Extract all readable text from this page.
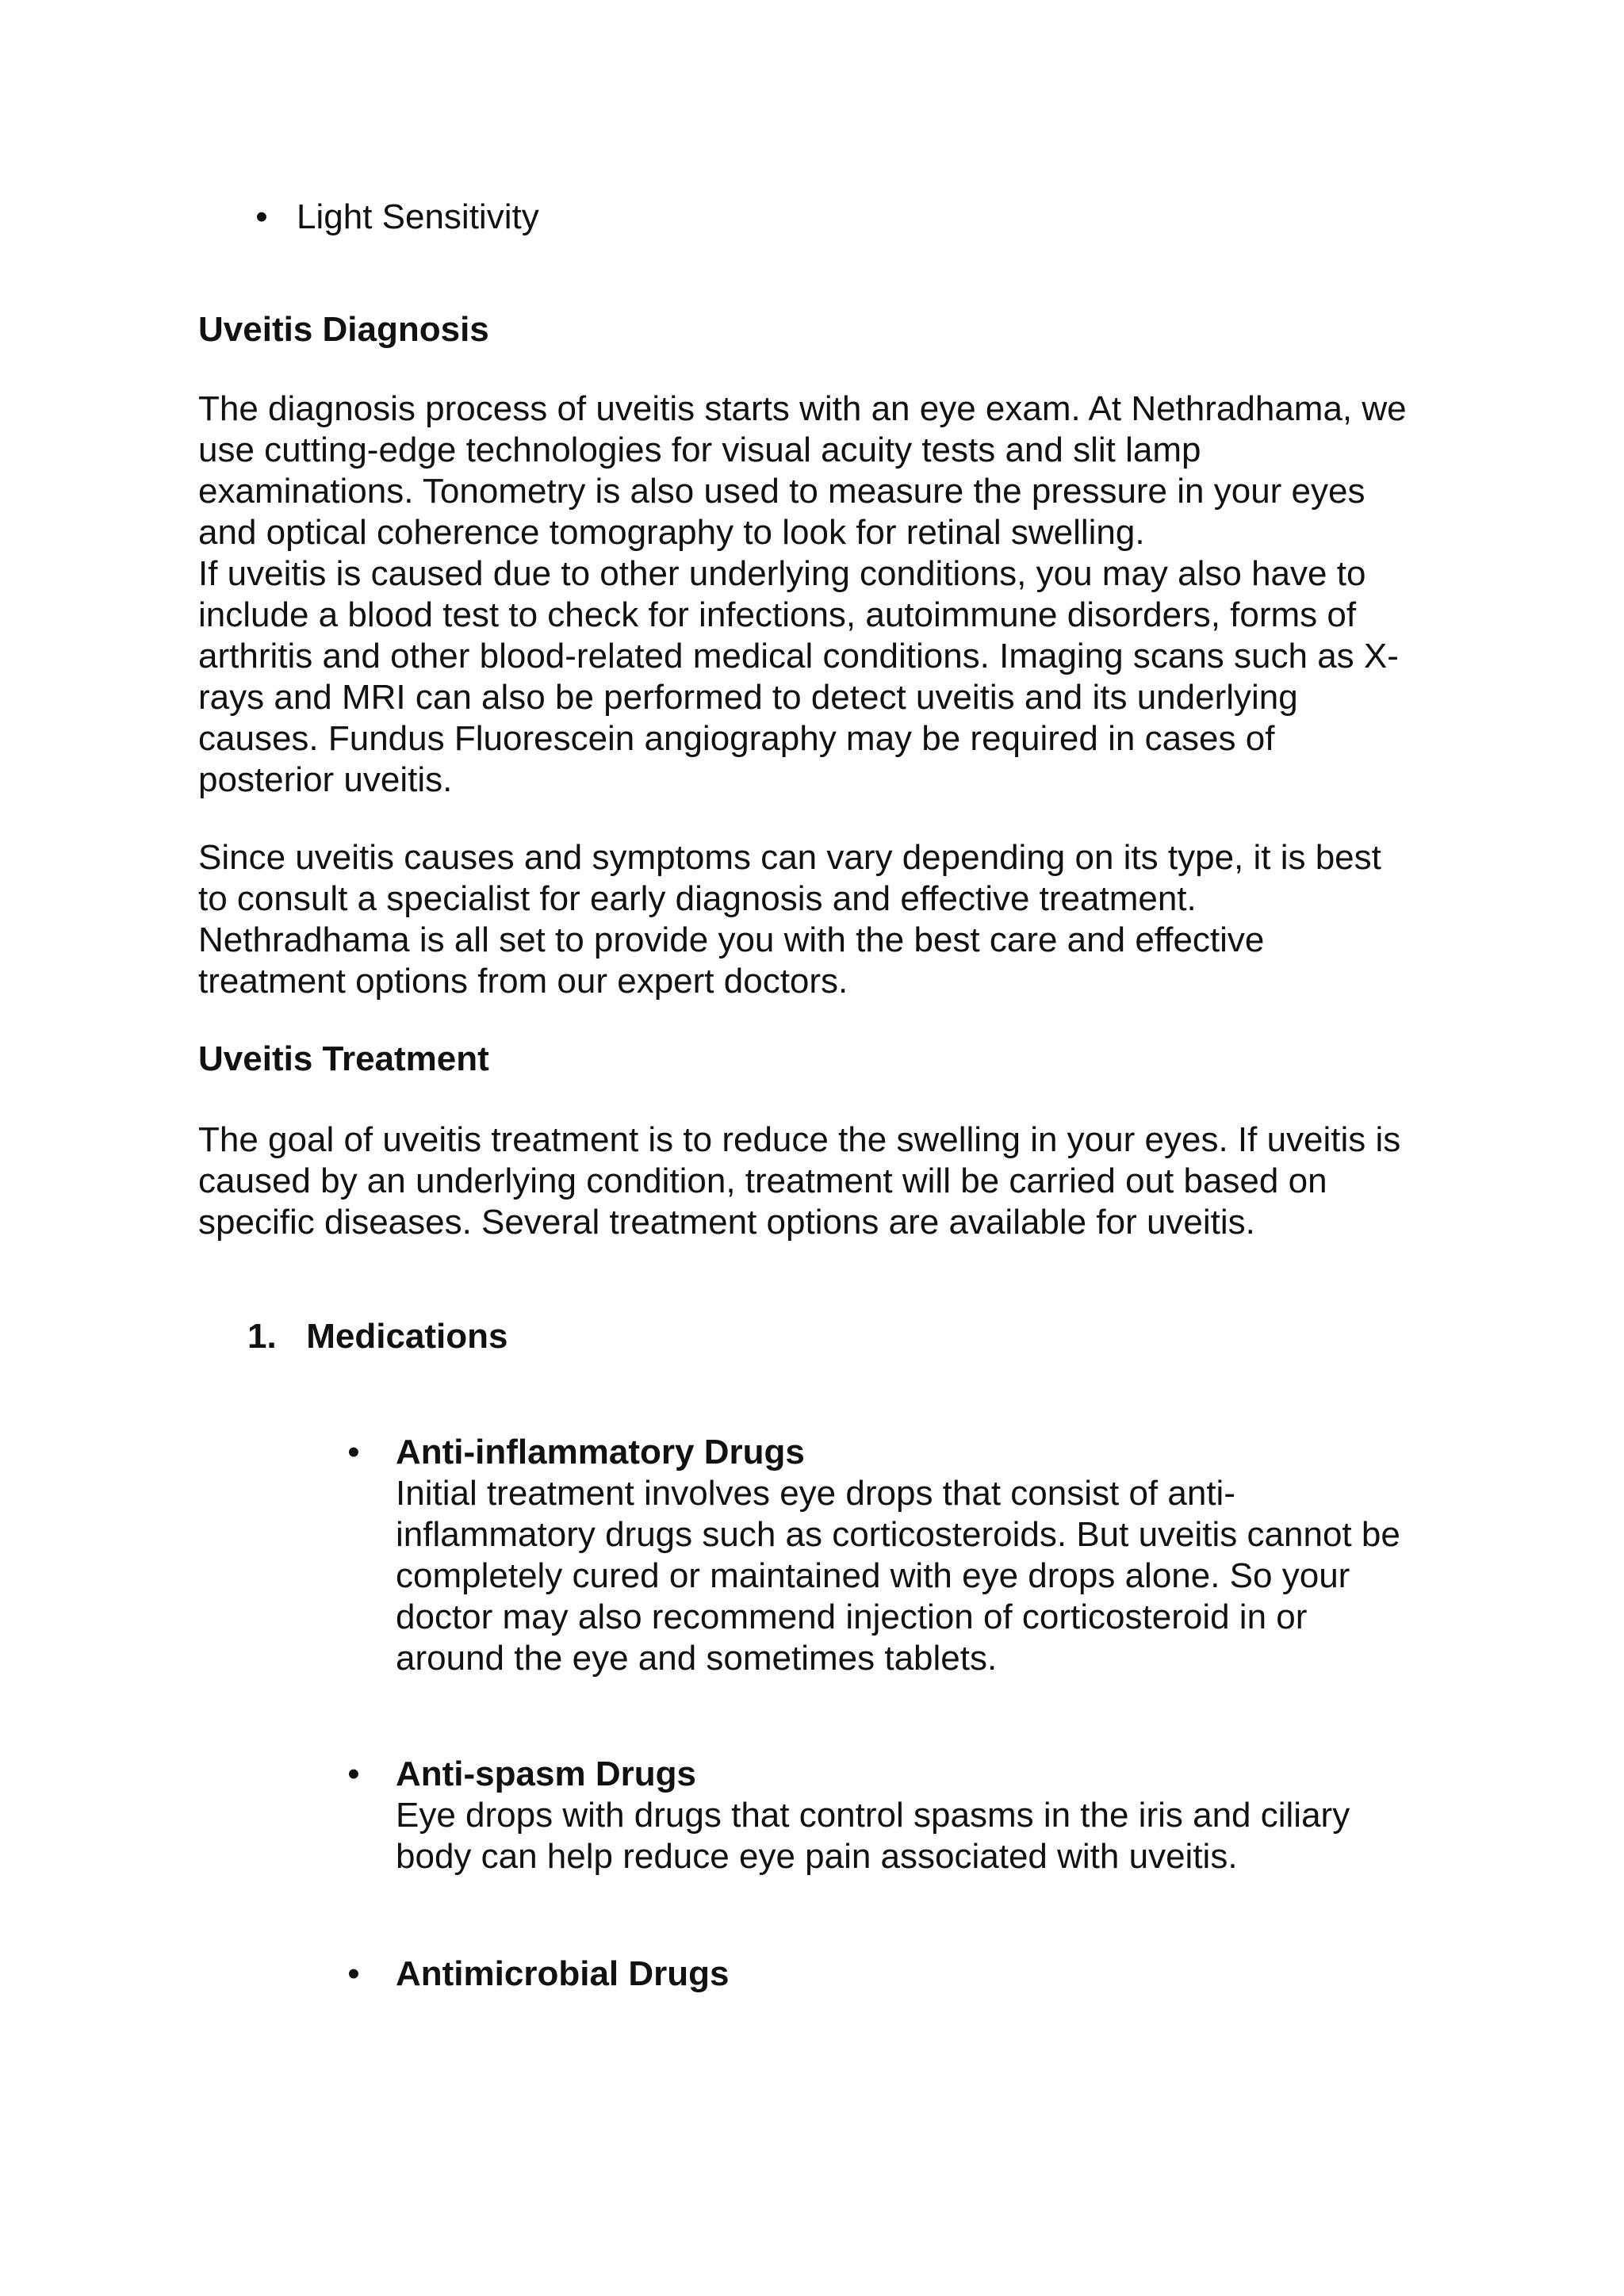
• Light Sensitivity
Uveitis Diagnosis
The diagnosis process of uveitis starts with an eye exam. At Nethradhama, we
use cutting-edge technologies for visual acuity tests and slit lamp
examinations. Tonometry is also used to measure the pressure in your eyes
and optical coherence tomography to look for retinal swelling.
If uveitis is caused due to other underlying conditions, you may also have to
include a blood test to check for infections, autoimmune disorders, forms of
arthritis and other blood-related medical conditions. Imaging scans such as X-
rays and MRI can also be performed to detect uveitis and its underlying
causes. Fundus Fluorescein angiography may be required in cases of
posterior uveitis.
Since uveitis causes and symptoms can vary depending on its type, it is best
to consult a specialist for early diagnosis and effective treatment.
Nethradhama is all set to provide you with the best care and effective
treatment options from our expert doctors.
Uveitis Treatment
The goal of uveitis treatment is to reduce the swelling in your eyes. If uveitis is
caused by an underlying condition, treatment will be carried out based on
specific diseases. Several treatment options are available for uveitis.
1. Medications
• Anti-inflammatory Drugs
Initial treatment involves eye drops that consist of anti-
inflammatory drugs such as corticosteroids. But uveitis cannot be
completely cured or maintained with eye drops alone. So your
doctor may also recommend injection of corticosteroid in or
around the eye and sometimes tablets.
• Anti-spasm Drugs
Eye drops with drugs that control spasms in the iris and ciliary
body can help reduce eye pain associated with uveitis.
• Antimicrobial Drugs
